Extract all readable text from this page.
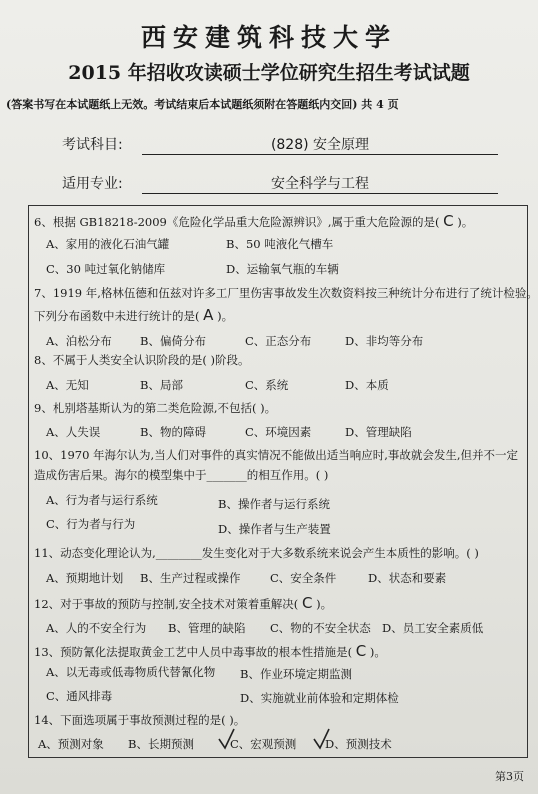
西安建筑科技大学
2015 年招收攻读硕士学位研究生招生考试试题
(答案书写在本试题纸上无效。考试结束后本试题纸须附在答题纸内交回) 共 4 页
考试科目:	(828) 安全原理
适用专业:	安全科学与工程
6、根据 GB18218-2009《危险化学品重大危险源辨识》,属于重大危险源的是( C )。
A、家用的液化石油气罐	B、50 吨液化气槽车
C、30 吨过氧化钠储库	D、运输氧气瓶的车辆
7、1919 年,格林伍德和伍兹对许多工厂里伤害事故发生次数资料按三种统计分布进行了统计检验。
下列分布函数中未进行统计的是( A )。
A、泊松分布 B、偏倚分布	C、正态分布	D、非均等分布
8、不属于人类安全认识阶段的是( )阶段。
A、无知	B、局部	C、系统	D、本质
9、札别塔基斯认为的第二类危险源,不包括( )。
A、人失误	B、物的障碍	C、环境因素	D、管理缺陷
10、1970 年海尔认为,当人们对事件的真实情况不能做出适当响应时,事故就会发生,但并不一定
造成伤害后果。海尔的模型集中于_______的相互作用。( )
A、行为者与运行系统	B、操作者与运行系统
C、行为者与行为	D、操作者与生产装置
11、动态变化理论认为,________发生变化对于大多数系统来说会产生本质性的影响。( )
A、预期地计划 B、生产过程或操作	C、安全条件	D、状态和要素
12、对于事故的预防与控制,安全技术对策着重解决( C )。
A、人的不安全行为 B、管理的缺陷 C、物的不安全状态 D、员工安全素质低
13、预防氰化法提取黄金工艺中人员中毒事故的根本性措施是( C )。
A、以无毒或低毒物质代替氰化物 B、作业环境定期监测
C、通风排毒	D、实施就业前体验和定期体检
14、下面选项属于事故预测过程的是( )。
A、预测对象 B、长期预测	C、宏观预测 D、预测技术
第3页
